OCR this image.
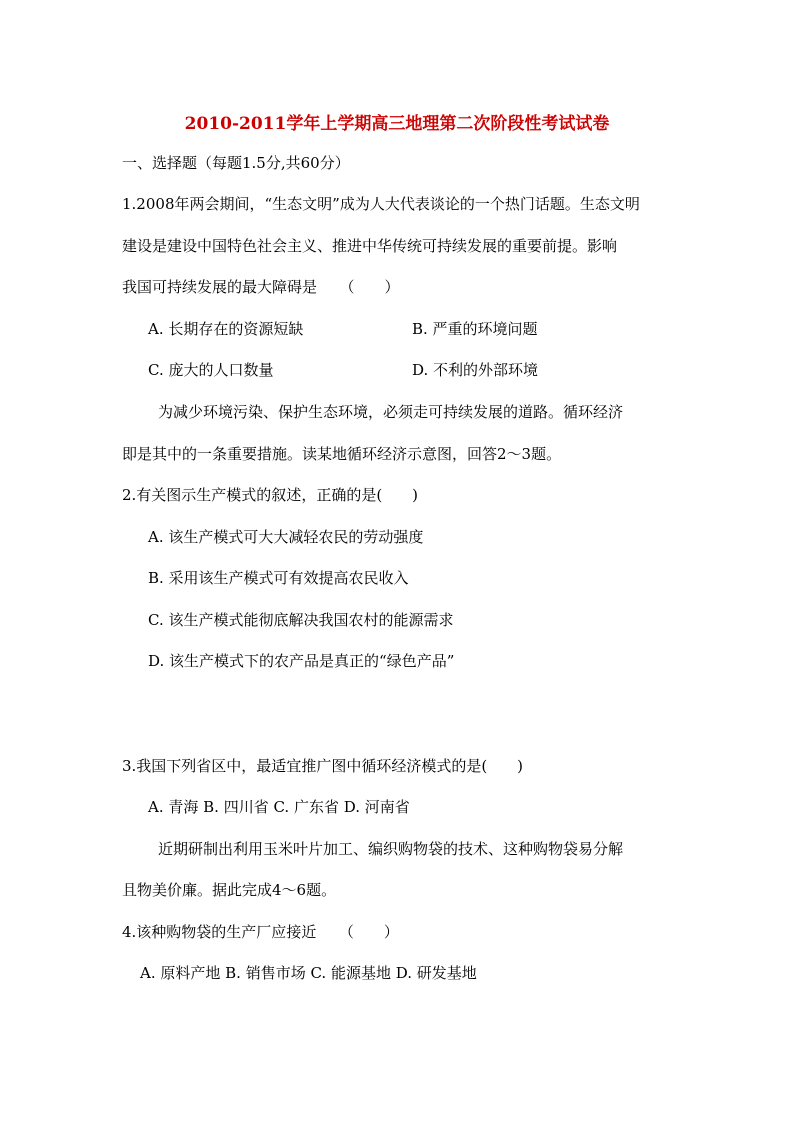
2010-2011学年上学期高三地理第二次阶段性考试试卷
一、选择题（每题1.5分,共60分）
1.2008年两会期间，“生态文明”成为人大代表谈论的一个热门话题。生态文明
建设是建设中国特色社会主义、推进中华传统可持续发展的重要前提。影响
我国可持续发展的最大障碍是　　（　　）
A. 长期存在的资源短缺	B. 严重的环境问题
C. 庞大的人口数量	D. 不利的外部环境
为减少环境污染、保护生态环境，必须走可持续发展的道路。循环经济
即是其中的一条重要措施。读某地循环经济示意图，回答2～3题。
2.有关图示生产模式的叙述，正确的是(　　)
A. 该生产模式可大大减轻农民的劳动强度
B. 采用该生产模式可有效提高农民收入
C. 该生产模式能彻底解决我国农村的能源需求
D. 该生产模式下的农产品是真正的“绿色产品”
3.我国下列省区中，最适宜推广图中循环经济模式的是(　　)
A. 青海 B. 四川省 C. 广东省 D. 河南省
近期研制出利用玉米叶片加工、编织购物袋的技术、这种购物袋易分解
且物美价廉。据此完成4～6题。
4.该种购物袋的生产厂应接近　　（　　）
A. 原料产地 B. 销售市场 C. 能源基地 D. 研发基地
